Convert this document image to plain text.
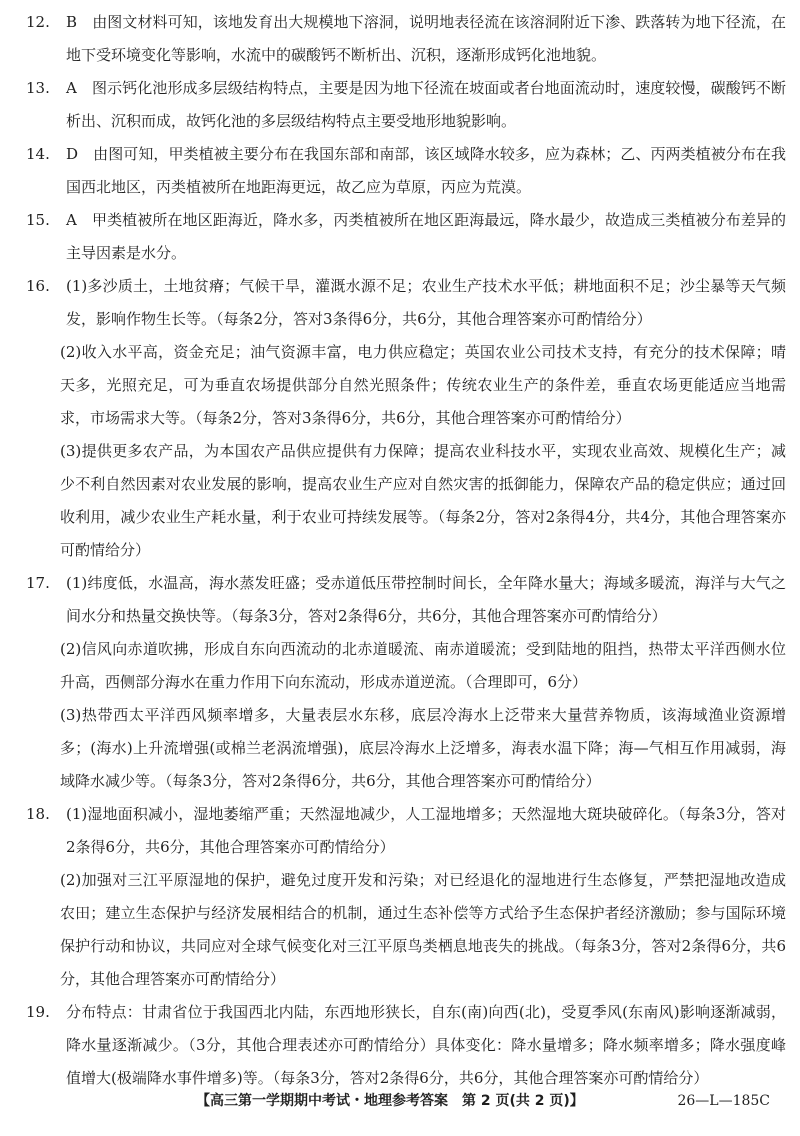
12.	B　由图文材料可知，该地发育出大规模地下溶洞，说明地表径流在该溶洞附近下渗、跌落转为地下径流，在地下受环境变化等影响，水流中的碳酸钙不断析出、沉积，逐渐形成钙化池地貌。

13.	A　图示钙化池形成多层级结构特点，主要是因为地下径流在坡面或者台地面流动时，速度较慢，碳酸钙不断析出、沉积而成，故钙化池的多层级结构特点主要受地形地貌影响。

14.	D　由图可知，甲类植被主要分布在我国东部和南部，该区域降水较多，应为森林；乙、丙两类植被分布在我国西北地区，丙类植被所在地距海更远，故乙应为草原，丙应为荒漠。

15.	A　甲类植被所在地区距海近，降水多，丙类植被所在地区距海最远，降水最少，故造成三类植被分布差异的主导因素是水分。

16.	(1)多沙质土，土地贫瘠；气候干旱，灌溉水源不足；农业生产技术水平低；耕地面积不足；沙尘暴等天气频发，影响作物生长等。（每条2分，答对3条得6分，共6分，其他合理答案亦可酌情给分）

(2)收入水平高，资金充足；油气资源丰富，电力供应稳定；英国农业公司技术支持，有充分的技术保障；晴天多，光照充足，可为垂直农场提供部分自然光照条件；传统农业生产的条件差，垂直农场更能适应当地需求，市场需求大等。（每条2分，答对3条得6分，共6分，其他合理答案亦可酌情给分）

(3)提供更多农产品，为本国农产品供应提供有力保障；提高农业科技水平，实现农业高效、规模化生产；减少不利自然因素对农业发展的影响，提高农业生产应对自然灾害的抵御能力，保障农产品的稳定供应；通过回收利用，减少农业生产耗水量，利于农业可持续发展等。（每条2分，答对2条得4分，共4分，其他合理答案亦可酌情给分）

17.	(1)纬度低，水温高，海水蒸发旺盛；受赤道低压带控制时间长，全年降水量大；海域多暖流，海洋与大气之间水分和热量交换快等。（每条3分，答对2条得6分，共6分，其他合理答案亦可酌情给分）

(2)信风向赤道吹拂，形成自东向西流动的北赤道暖流、南赤道暖流；受到陆地的阻挡，热带太平洋西侧水位升高，西侧部分海水在重力作用下向东流动，形成赤道逆流。（合理即可，6分）

(3)热带西太平洋西风频率增多，大量表层水东移，底层冷海水上泛带来大量营养物质，该海域渔业资源增多；(海水)上升流增强(或棉兰老涡流增强)，底层冷海水上泛增多，海表水温下降；海—气相互作用减弱，海域降水减少等。（每条3分，答对2条得6分，共6分，其他合理答案亦可酌情给分）

18.	(1)湿地面积减小，湿地萎缩严重；天然湿地减少，人工湿地增多；天然湿地大斑块破碎化。（每条3分，答对2条得6分，共6分，其他合理答案亦可酌情给分）

(2)加强对三江平原湿地的保护，避免过度开发和污染；对已经退化的湿地进行生态修复，严禁把湿地改造成农田；建立生态保护与经济发展相结合的机制，通过生态补偿等方式给予生态保护者经济激励；参与国际环境保护行动和协议，共同应对全球气候变化对三江平原鸟类栖息地丧失的挑战。（每条3分，答对2条得6分，共6分，其他合理答案亦可酌情给分）

19.	分布特点：甘肃省位于我国西北内陆，东西地形狭长，自东(南)向西(北)，受夏季风(东南风)影响逐渐减弱，降水量逐渐减少。（3分，其他合理表述亦可酌情给分）具体变化：降水量增多；降水频率增多；降水强度峰值增大(极端降水事件增多)等。（每条3分，答对2条得6分，共6分，其他合理答案亦可酌情给分）

【高三第一学期期中考试・地理参考答案　第 2 页(共 2 页)】	26—L—185C
